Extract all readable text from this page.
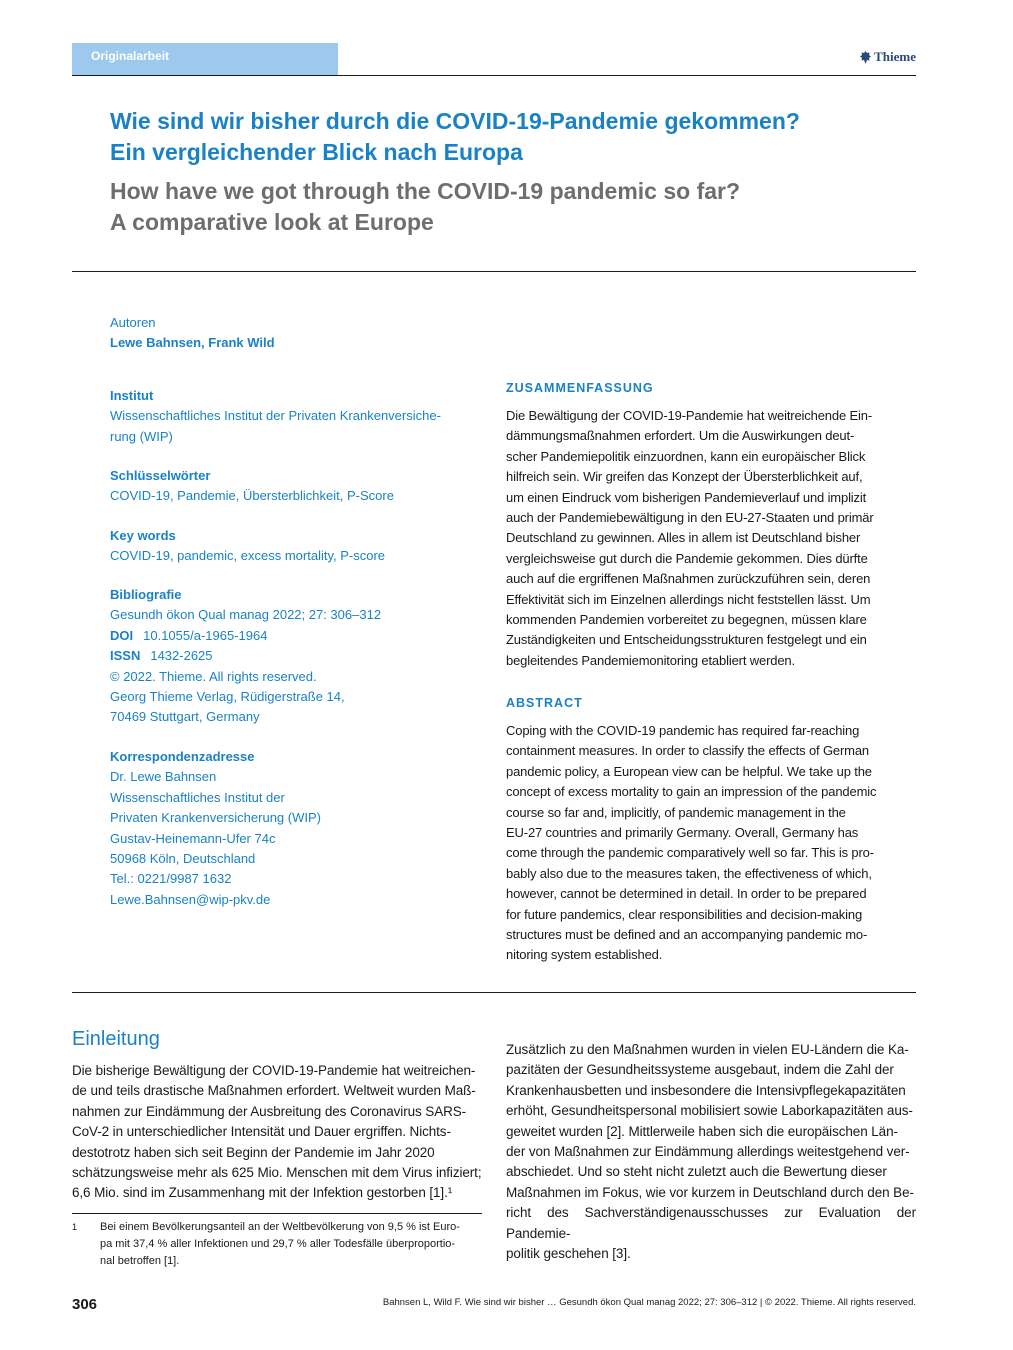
Originalarbeit	Thieme
Wie sind wir bisher durch die COVID-19-Pandemie gekommen?
Ein vergleichender Blick nach Europa
How have we got through the COVID-19 pandemic so far?
A comparative look at Europe
Autoren
Lewe Bahnsen, Frank Wild
Institut
Wissenschaftliches Institut der Privaten Krankenversiche-
rung (WIP)
Schlüsselwörter
COVID-19, Pandemie, Übersterblichkeit, P-Score
Key words
COVID-19, pandemic, excess mortality, P-score
Bibliografie
Gesundh ökon Qual manag 2022; 27: 306–312
DOI 10.1055/a-1965-1964
ISSN 1432-2625
© 2022. Thieme. All rights reserved.
Georg Thieme Verlag, Rüdigerstraße 14,
70469 Stuttgart, Germany
Korrespondenzadresse
Dr. Lewe Bahnsen
Wissenschaftliches Institut der
Privaten Krankenversicherung (WIP)
Gustav-Heinemann-Ufer 74c
50968 Köln, Deutschland
Tel.: 0221/9987 1632
Lewe.Bahnsen@wip-pkv.de
ZUSAMMENFASSUNG
Die Bewältigung der COVID-19-Pandemie hat weitreichende Ein-
dämmungsmaßnahmen erfordert. Um die Auswirkungen deut-
scher Pandemiepolitik einzuordnen, kann ein europäischer Blick
hilfreich sein. Wir greifen das Konzept der Übersterblichkeit auf,
um einen Eindruck vom bisherigen Pandemieverlauf und implizit
auch der Pandemiebewältigung in den EU-27-Staaten und primär
Deutschland zu gewinnen. Alles in allem ist Deutschland bisher
vergleichsweise gut durch die Pandemie gekommen. Dies dürfte
auch auf die ergriffenen Maßnahmen zurückzuführen sein, deren
Effektivität sich im Einzelnen allerdings nicht feststellen lässt. Um
kommenden Pandemien vorbereitet zu begegnen, müssen klare
Zuständigkeiten und Entscheidungsstrukturen festgelegt und ein
begleitendes Pandemiemonitoring etabliert werden.
ABSTRACT
Coping with the COVID-19 pandemic has required far-reaching
containment measures. In order to classify the effects of German
pandemic policy, a European view can be helpful. We take up the
concept of excess mortality to gain an impression of the pandemic
course so far and, implicitly, of pandemic management in the
EU-27 countries and primarily Germany. Overall, Germany has
come through the pandemic comparatively well so far. This is pro-
bably also due to the measures taken, the effectiveness of which,
however, cannot be determined in detail. In order to be prepared
for future pandemics, clear responsibilities and decision-making
structures must be defined and an accompanying pandemic mo-
nitoring system established.
Einleitung
Die bisherige Bewältigung der COVID-19-Pandemie hat weitreichen-
de und teils drastische Maßnahmen erfordert. Weltweit wurden Maß-
nahmen zur Eindämmung der Ausbreitung des Coronavirus SARS-
CoV-2 in unterschiedlicher Intensität und Dauer ergriffen. Nichts-
destotrotz haben sich seit Beginn der Pandemie im Jahr 2020
schätzungsweise mehr als 625 Mio. Menschen mit dem Virus infiziert;
6,6 Mio. sind im Zusammenhang mit der Infektion gestorben [1].¹
Zusätzlich zu den Maßnahmen wurden in vielen EU-Ländern die Ka-
pazitäten der Gesundheitssysteme ausgebaut, indem die Zahl der
Krankenhausbetten und insbesondere die Intensivpflegekapazitäten
erhöht, Gesundheitspersonal mobilisiert sowie Laborkapazitäten aus-
geweitet wurden [2]. Mittlerweile haben sich die europäischen Län-
der von Maßnahmen zur Eindämmung allerdings weitestgehend ver-
abschiedet. Und so steht nicht zuletzt auch die Bewertung dieser
Maßnahmen im Fokus, wie vor kurzem in Deutschland durch den Be-
richt des Sachverständigenausschusses zur Evaluation der Pandemie-
politik geschehen [3].
1	Bei einem Bevölkerungsanteil an der Weltbevölkerung von 9,5 % ist Euro-
pa mit 37,4 % aller Infektionen und 29,7 % aller Todesfälle überproportio-
nal betroffen [1].
306	Bahnsen L, Wild F. Wie sind wir bisher … Gesundh ökon Qual manag 2022; 27: 306–312 | © 2022. Thieme. All rights reserved.
